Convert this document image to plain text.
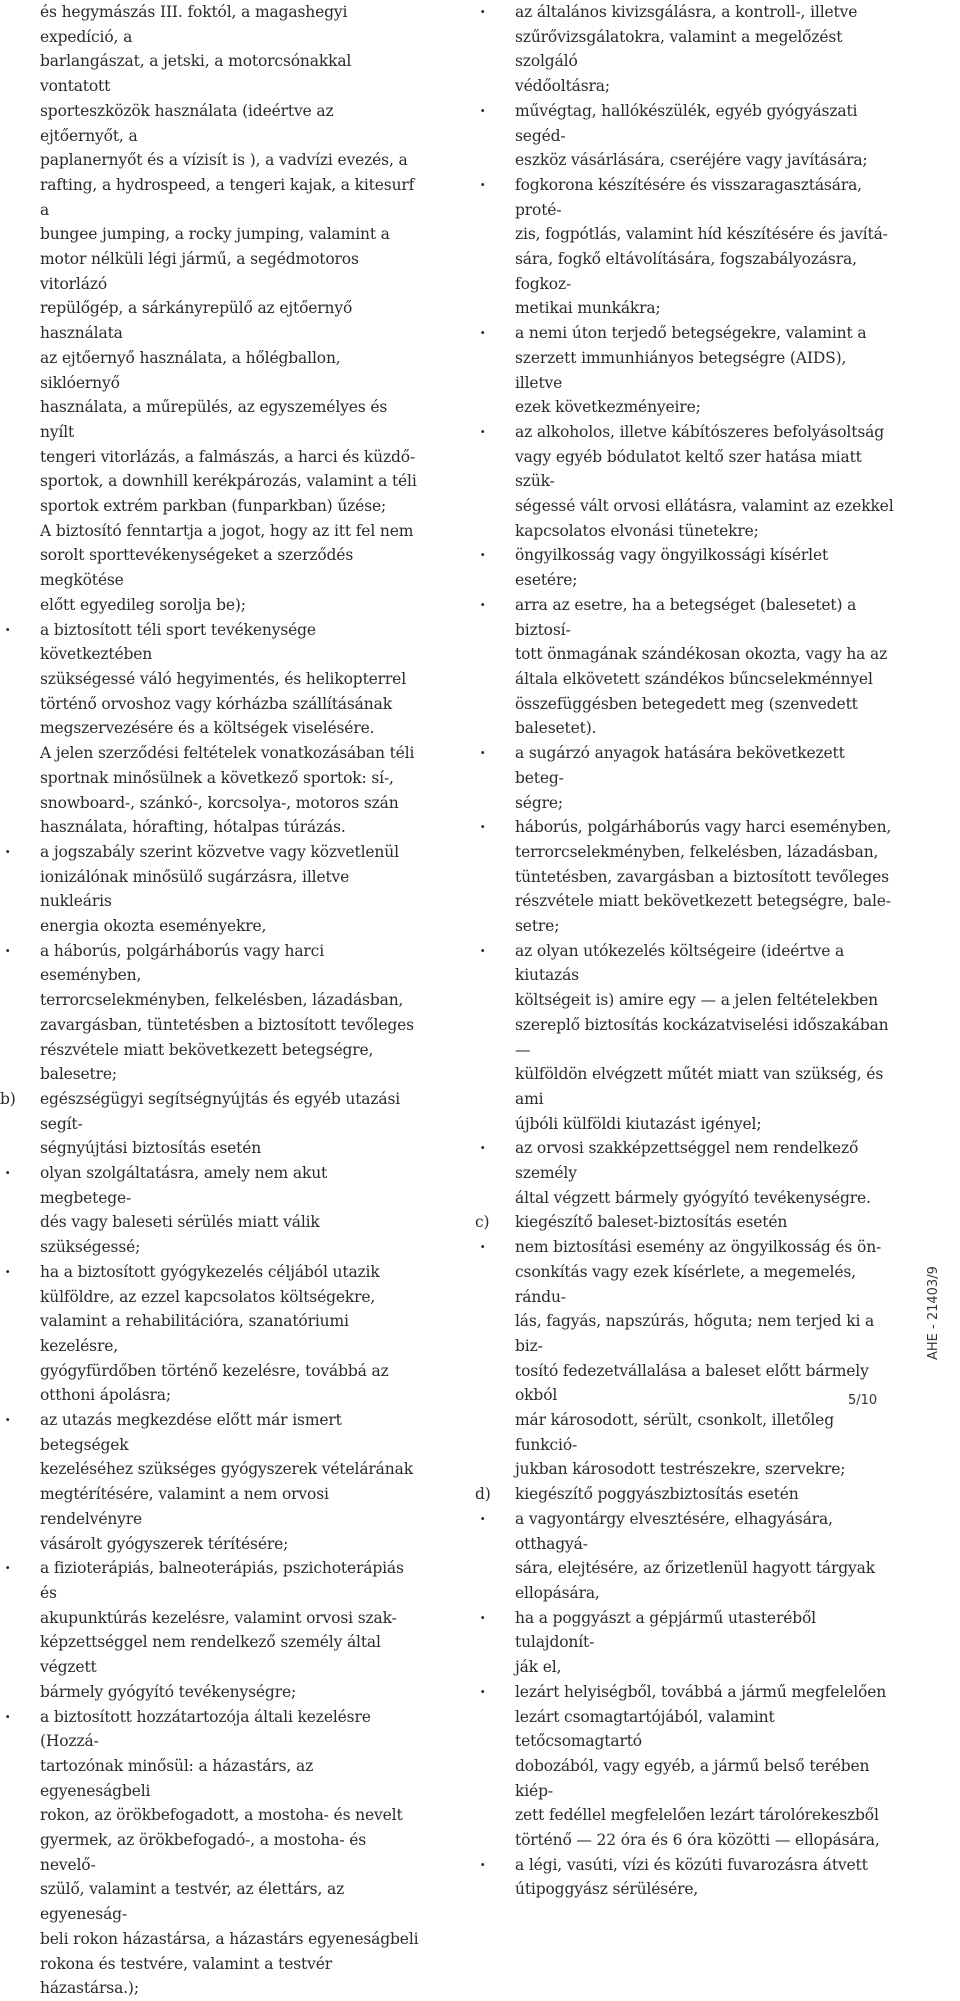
és hegymászás III. foktól, a magashegyi expedíció, a
barlangászat, a jetski, a motorcsónakkal vontatott
sporteszközök használata (ideértve az ejtőernyőt, a
paplanernyőt és a vízisít is ), a vadvízi evezés, a
rafting, a hydrospeed, a tengeri kajak, a kitesurf a
bungee jumping, a rocky jumping, valamint a
motor nélküli légi jármű, a segédmotoros vitorlázó
repülőgép, a sárkányrepülő az ejtőernyő használata
az ejtőernyő használata, a hőlégballon, siklóernyő
használata, a műrepülés, az egyszemélyes és nyílt
tengeri vitorlázás, a falmászás, a harci és küzdő-
sportok, a downhill kerékpározás, valamint a téli
sportok extrém parkban (funparkban) űzése;
A biztosító fenntartja a jogot, hogy az itt fel nem
sorolt sporttevékenységeket a szerződés megkötése
előtt egyedileg sorolja be);
· a biztosított téli sport tevékenysége következtében
szükségessé váló hegyimentés, és helikopterrel
történő orvoshoz vagy kórházba szállításának
megszervezésére és a költségek viselésére.
A jelen szerződési feltételek vonatkozásában téli
sportnak minősülnek a következő sportok: sí-,
snowboard-, szánkó-, korcsolya-, motoros szán
használata, hórafting, hótalpas túrázás.
· a jogszabály szerint közvetve vagy közvetlenül
ionizálónak minősülő sugárzásra, illetve nukleáris
energia okozta eseményekre,
· a háborús, polgárháborús vagy harci eseményben,
terrorcselekményben, felkelésben, lázadásban,
zavargásban, tüntetésben a biztosított tevőleges
részvétele miatt bekövetkezett betegségre,
balesetre;
b)	egészségügyi segítségnyújtás és egyéb utazási segít-
ségnyújtási biztosítás esetén
· olyan szolgáltatásra, amely nem akut megbetege-
dés vagy baleseti sérülés miatt válik szükségessé;
· ha a biztosított gyógykezelés céljából utazik
külföldre, az ezzel kapcsolatos költségekre,
valamint a rehabilitációra, szanatóriumi kezelésre,
gyógyfürdőben történő kezelésre, továbbá az
otthoni ápolásra;
· az utazás megkezdése előtt már ismert betegségek
kezeléséhez szükséges gyógyszerek vételárának
megtérítésére, valamint a nem orvosi rendelvényre
vásárolt gyógyszerek térítésére;
· a fizioterápiás, balneoterápiás, pszichoterápiás és
akupunktúrás kezelésre, valamint orvosi szak-
képzettséggel nem rendelkező személy által végzett
bármely gyógyító tevékenységre;
· a biztosított hozzátartozója általi kezelésre (Hozzá-
tartozónak minősül: a házastárs, az egyeneságbeli
rokon, az örökbefogadott, a mostoha- és nevelt
gyermek, az örökbefogadó-, a mostoha- és nevelő-
szülő, valamint a testvér, az élettárs, az egyeneság-
beli rokon házastársa, a házastárs egyeneságbeli
rokona és testvére, valamint a testvér házastársa.);
· az általános kivizsgálásra, a kontroll-, illetve
szűrővizsgálatokra, valamint a megelőzést szolgáló
védőoltásra;
· művégtag, hallókészülék, egyéb gyógyászati segéd-
eszköz vásárlására, cseréjére vagy javítására;
· fogkorona készítésére és visszaragasztására, proté-
zis, fogpótlás, valamint híd készítésére és javítá-
sára, fogkő eltávolítására, fogszabályozásra, fogkoz-
metikai munkákra;
· a nemi úton terjedő betegségekre, valamint a
szerzett immunhiányos betegségre (AIDS), illetve
ezek következményeire;
· az alkoholos, illetve kábítószeres befolyásoltság
vagy egyéb bódulatot keltő szer hatása miatt szük-
ségessé vált orvosi ellátásra, valamint az ezekkel
kapcsolatos elvonási tünetekre;
· öngyilkosság vagy öngyilkossági kísérlet esetére;
· arra az esetre, ha a betegséget (balesetet) a biztosí-
tott önmagának szándékosan okozta, vagy ha az
általa elkövetett szándékos bűncselekménnyel
összefüggésben betegedett meg (szenvedett
balesetet).
· a sugárzó anyagok hatására bekövetkezett beteg-
ségre;
· háborús, polgárháborús vagy harci eseményben,
terrorcselekményben, felkelésben, lázadásban,
tüntetésben, zavargásban a biztosított tevőleges
részvétele miatt bekövetkezett betegségre, bale-
setre;
· az olyan utókezelés költségeire (ideértve a kiutazás
költségeit is) amire egy — a jelen feltételekben
szereplő biztosítás kockázatviselési időszakában —
külföldön elvégzett műtét miatt van szükség, és ami
újbóli külföldi kiutazást igényel;
· az orvosi szakképzettséggel nem rendelkező személy
által végzett bármely gyógyító tevékenységre.
c)	kiegészítő baleset-biztosítás esetén
· nem biztosítási esemény az öngyilkosság és ön-
csonkítás vagy ezek kísérlete, a megemelés, rándu-
lás, fagyás, napszúrás, hőguta; nem terjed ki a biz-
tosító fedezetvállalása a baleset előtt bármely okból
már károsodott, sérült, csonkolt, illetőleg funkció-
jukban károsodott testrészekre, szervekre;
d)	kiegészítő poggyászbiztosítás esetén
· a vagyontárgy elvesztésére, elhagyására, otthagyá-
sára, elejtésére, az őrizetlenül hagyott tárgyak
ellopására,
· ha a poggyászt a gépjármű utasteréből tulajdonít-
ják el,
· lezárt helyiségből, továbbá a jármű megfelelően
lezárt csomagtartójából, valamint tetőcsomagtartó
dobozából, vagy egyéb, a jármű belső terében kiép-
zett fedéllel megfelelően lezárt tárolórekeszből
történő — 22 óra és 6 óra közötti — ellopására,
· a légi, vasúti, vízi és közúti fuvarozásra átvett
útipoggyász sérülésére,
AHE - 21403/9
5/10
